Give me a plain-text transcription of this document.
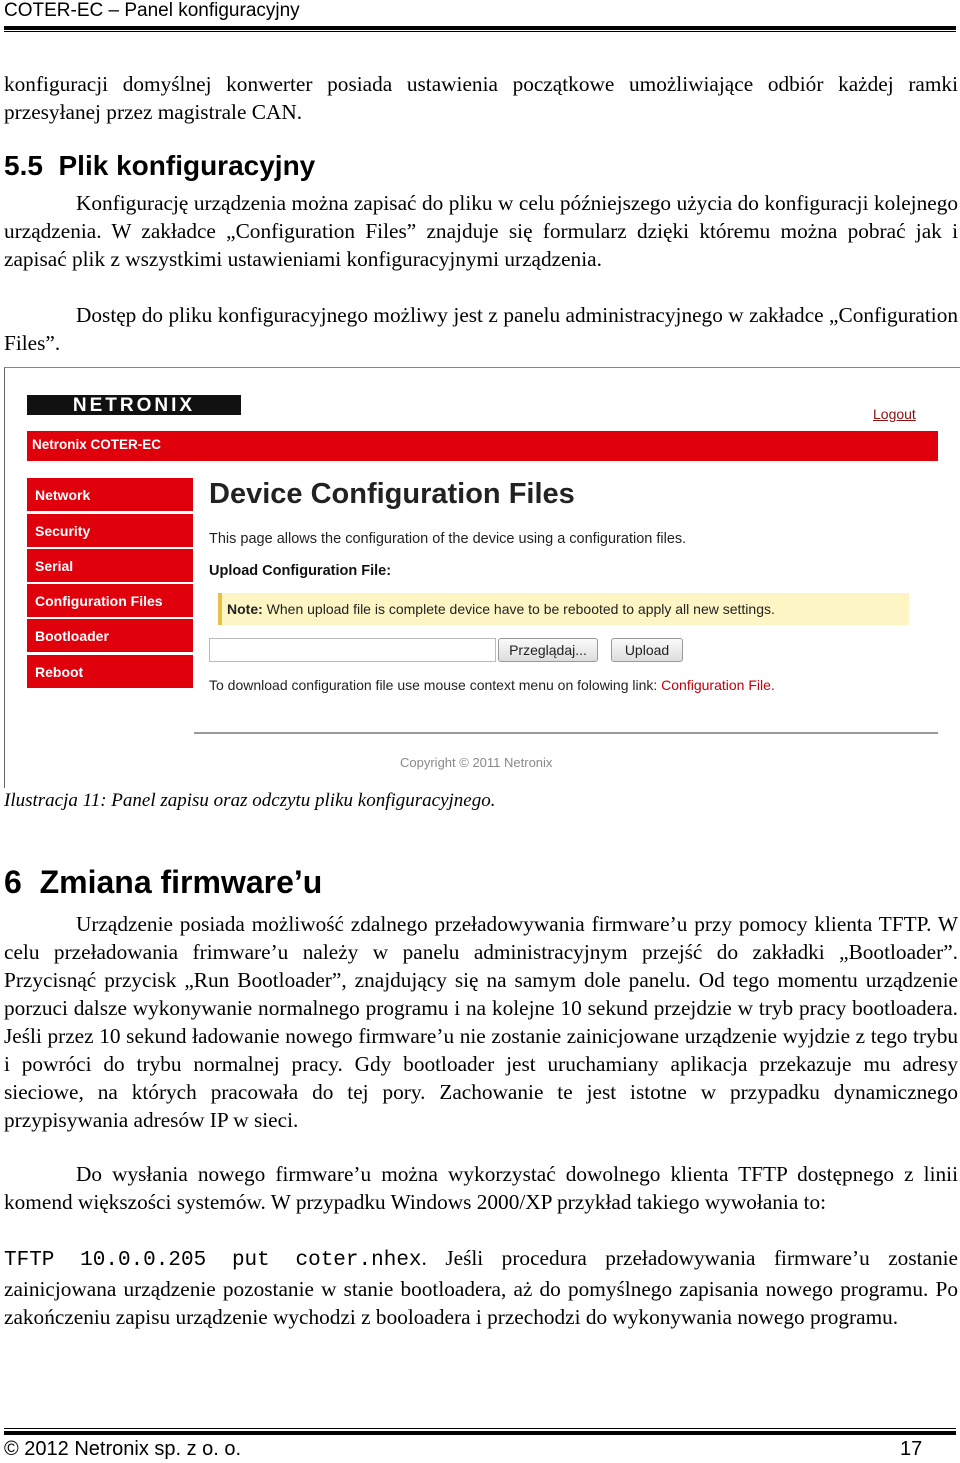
COTER-EC – Panel konfiguracyjny
konfiguracji domyślnej konwerter posiada ustawienia początkowe umożliwiające odbiór każdej ramki przesyłanej przez magistrale CAN.
5.5 Plik konfiguracyjny
Konfigurację urządzenia można zapisać do pliku w celu późniejszego użycia do konfiguracji kolejnego urządzenia. W zakładce „Configuration Files” znajduje się formularz dzięki któremu można pobrać jak i zapisać plik z wszystkimi ustawieniami konfiguracyjnymi urządzenia.
Dostęp do pliku konfiguracyjnego możliwy jest z panelu administracyjnego w zakładce „Configuration Files”.
NETRONIX	Logout
Netronix COTER-EC
Network
Security
Serial
Configuration Files
Bootloader
Reboot
Device Configuration Files
This page allows the configuration of the device using a configuration files.
Upload Configuration File:
Note: When upload file is complete device have to be rebooted to apply all new settings.
Przeglądaj...	Upload
To download configuration file use mouse context menu on folowing link: Configuration File.
Copyright © 2011 Netronix
Ilustracja 11: Panel zapisu oraz odczytu pliku konfiguracyjnego.
6 Zmiana firmware’u
Urządzenie posiada możliwość zdalnego przeładowywania firmware’u przy pomocy klienta TFTP. W celu przeładowania frimware’u należy w panelu administracyjnym przejść do zakładki „Bootloader”. Przycisnąć przycisk „Run Bootloader”, znajdujący się na samym dole panelu. Od tego momentu urządzenie porzuci dalsze wykonywanie normalnego programu i na kolejne 10 sekund przejdzie w tryb pracy bootloadera. Jeśli przez 10 sekund ładowanie nowego firmware’u nie zostanie zainicjowane urządzenie wyjdzie z tego trybu i powróci do trybu normalnej pracy. Gdy bootloader jest uruchamiany aplikacja przekazuje mu adresy sieciowe, na których pracowała do tej pory. Zachowanie te jest istotne w przypadku dynamicznego przypisywania adresów IP w sieci.
Do wysłania nowego firmware’u można wykorzystać dowolnego klienta TFTP dostępnego z linii komend większości systemów. W przypadku Windows 2000/XP przykład takiego wywołania to:
TFTP 10.0.0.205 put coter.nhex. Jeśli procedura przeładowywania firmware’u zostanie zainicjowana urządzenie pozostanie w stanie bootloadera, aż do pomyślnego zapisania nowego programu. Po zakończeniu zapisu urządzenie wychodzi z booloadera i przechodzi do wykonywania nowego programu.
© 2012 Netronix sp. z o. o.	17
